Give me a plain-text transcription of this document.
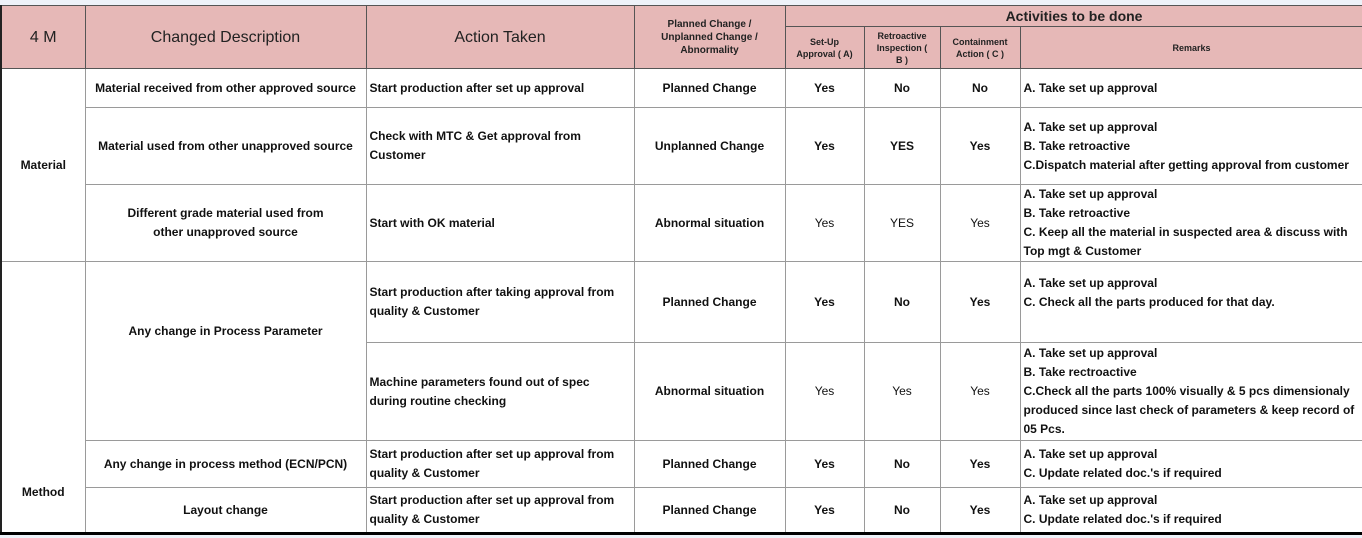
4 M	Changed Description	Action Taken	Planned Change / Unplanned Change / Abnormality	Activities to be done			
				Set-Up Approval ( A)	Retroactive Inspection ( B )	Containment Action ( C )	Remarks
Material	Material received from other approved source	Start production after set up approval	Planned Change	Yes	No	No	A. Take set up approval

	Material used from other unapproved source	Check with MTC & Get approval from Customer	Unplanned Change	Yes	YES	Yes	A. Take set up approval
B. Take retroactive
C.Dispatch material after getting approval from customer

	Different grade material used from other unapproved source	Start with OK material	Abnormal situation	Yes	YES	Yes	A. Take set up approval
B. Take retroactive
C. Keep all the material in suspected area & discuss with
Top mgt & Customer

Method	Any change in Process Parameter	Start production after taking approval from quality & Customer	Planned Change	Yes	No	Yes	A. Take set up approval
C. Check all the parts produced for that day.

		Machine parameters found out of spec during routine checking	Abnormal situation	Yes	Yes	Yes	A. Take set up approval
B. Take rectroactive
C.Check all the parts 100% visually & 5 pcs dimensionaly
produced since last check of parameters & keep record of
05 Pcs.

	Any change in process method (ECN/PCN)	Start production after set up approval from quality & Customer	Planned Change	Yes	No	Yes	A. Take set up approval
C. Update related doc.'s if required

	Layout change	Start production after set up approval from quality & Customer	Planned Change	Yes	No	Yes	A. Take set up approval
C. Update related doc.'s if required
